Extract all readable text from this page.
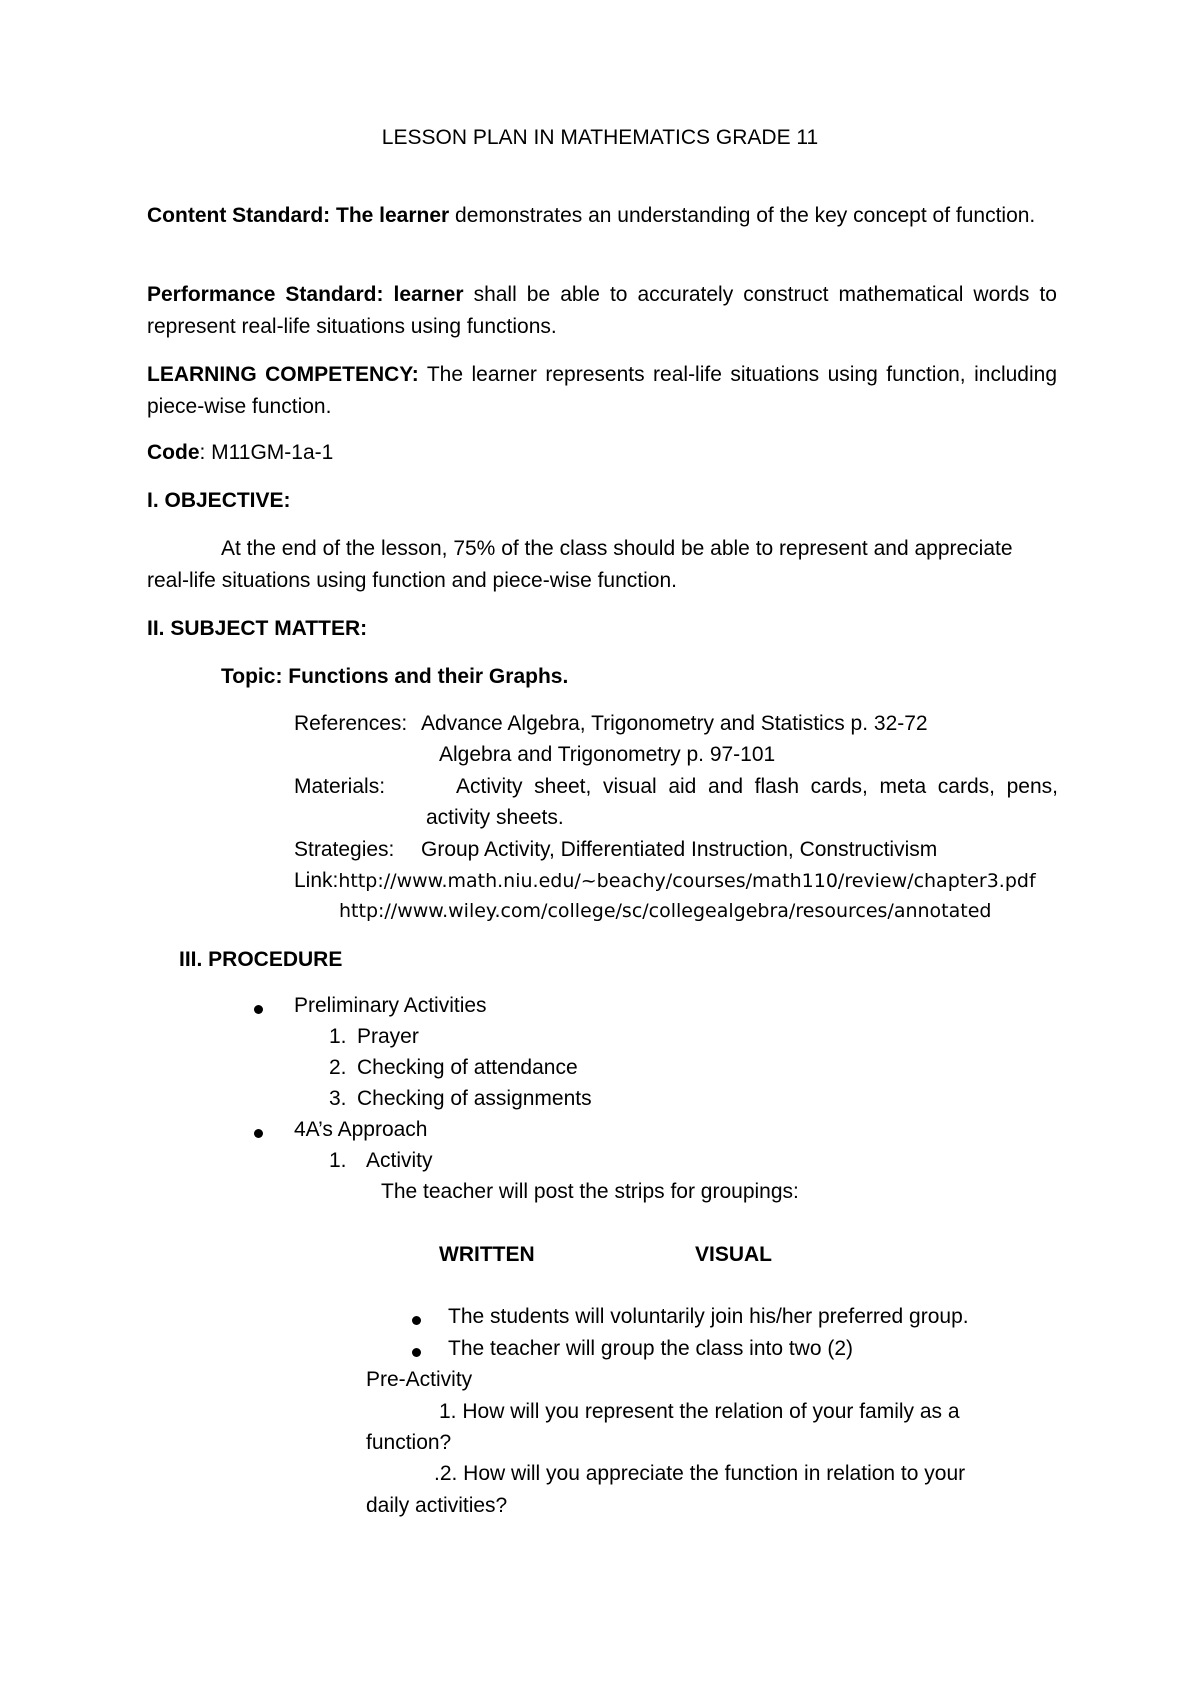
LESSON PLAN IN MATHEMATICS GRADE 11
Content Standard: The learner demonstrates an understanding of the key concept of function.
Performance Standard: learner shall be able to accurately construct mathematical words to represent real-life situations using functions.
LEARNING COMPETENCY: The learner represents real-life situations using function, including piece-wise function.
Code: M11GM-1a-1
I. OBJECTIVE:
At the end of the lesson, 75% of the class should be able to represent and appreciate
real-life situations using function and piece-wise function.
II. SUBJECT MATTER:
Topic: Functions and their Graphs.
References: Advance Algebra, Trigonometry and Statistics p. 32-72
Algebra and Trigonometry p. 97-101
Materials:	Activity sheet, visual aid and flash cards, meta cards, pens,
activity sheets.
Strategies: Group Activity, Differentiated Instruction, Constructivism
Link:http://www.math.niu.edu/~beachy/courses/math110/review/chapter3.pdf
http://www.wiley.com/college/sc/collegealgebra/resources/annotated
III. PROCEDURE
Preliminary Activities
1. Prayer
2. Checking of attendance
3. Checking of assignments
4A’s Approach
1. Activity
The teacher will post the strips for groupings:
WRITTEN	VISUAL
The students will voluntarily join his/her preferred group.
The teacher will group the class into two (2)
Pre-Activity
1. How will you represent the relation of your family as a
function?
.2. How will you appreciate the function in relation to your
daily activities?
